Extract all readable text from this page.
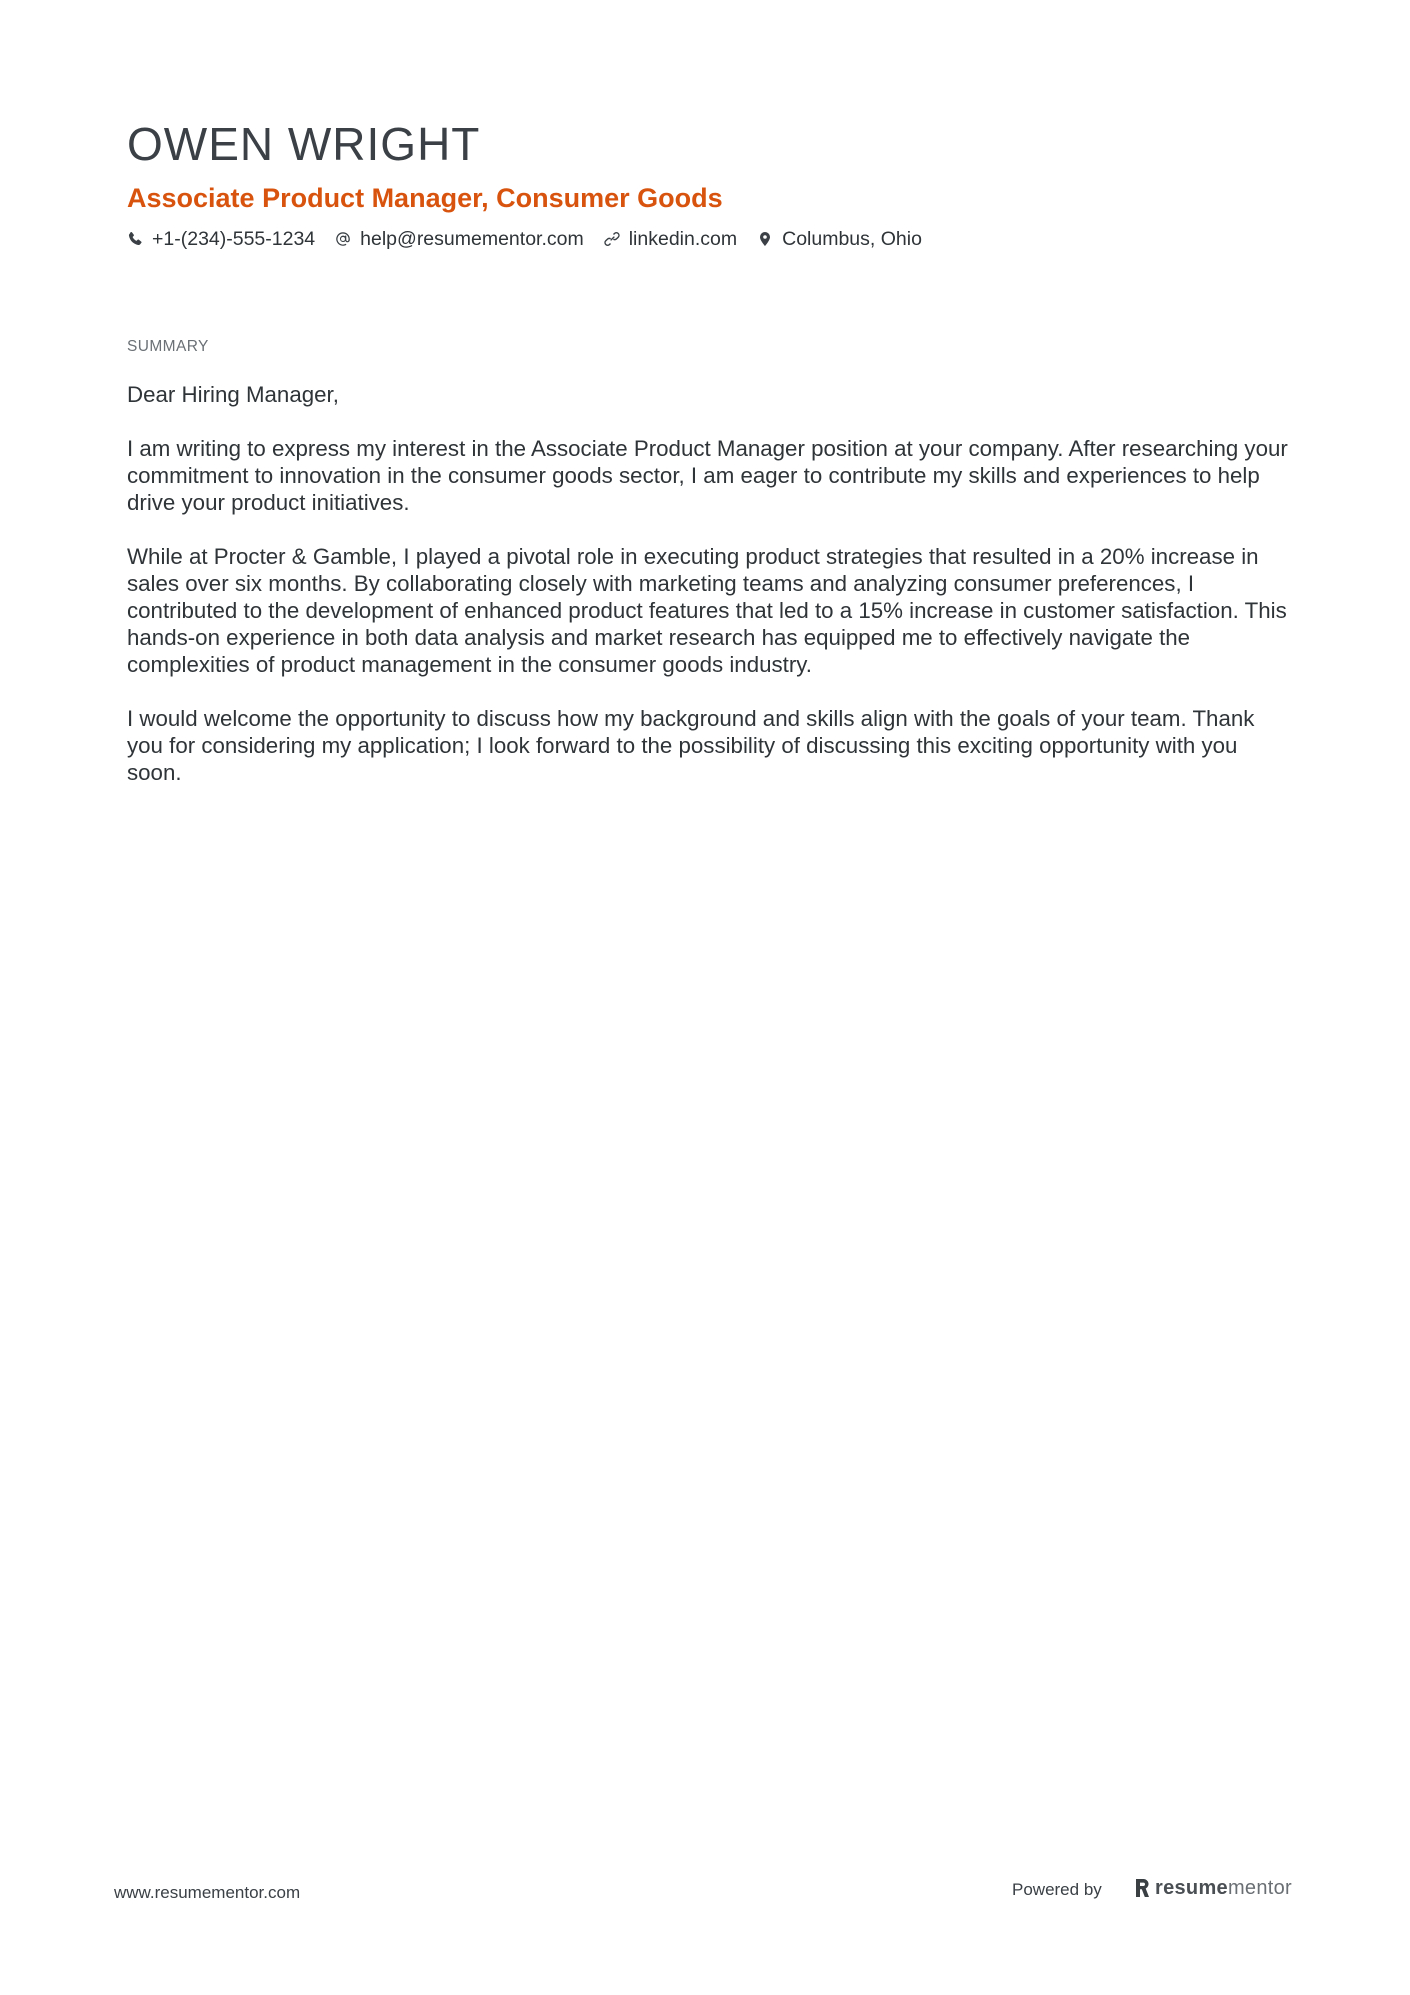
OWEN WRIGHT
Associate Product Manager, Consumer Goods
+1-(234)-555-1234 help@resumementor.com linkedin.com Columbus, Ohio
SUMMARY

Dear Hiring Manager,

I am writing to express my interest in the Associate Product Manager position at your company. After researching your commitment to innovation in the consumer goods sector, I am eager to contribute my skills and experiences to help drive your product initiatives.

While at Procter & Gamble, I played a pivotal role in executing product strategies that resulted in a 20% increase in sales over six months. By collaborating closely with marketing teams and analyzing consumer preferences, I contributed to the development of enhanced product features that led to a 15% increase in customer satisfaction. This hands-on experience in both data analysis and market research has equipped me to effectively navigate the complexities of product management in the consumer goods industry.

I would welcome the opportunity to discuss how my background and skills align with the goals of your team. Thank you for considering my application; I look forward to the possibility of discussing this exciting opportunity with you soon.

www.resumementor.com	Powered by	resumementor
